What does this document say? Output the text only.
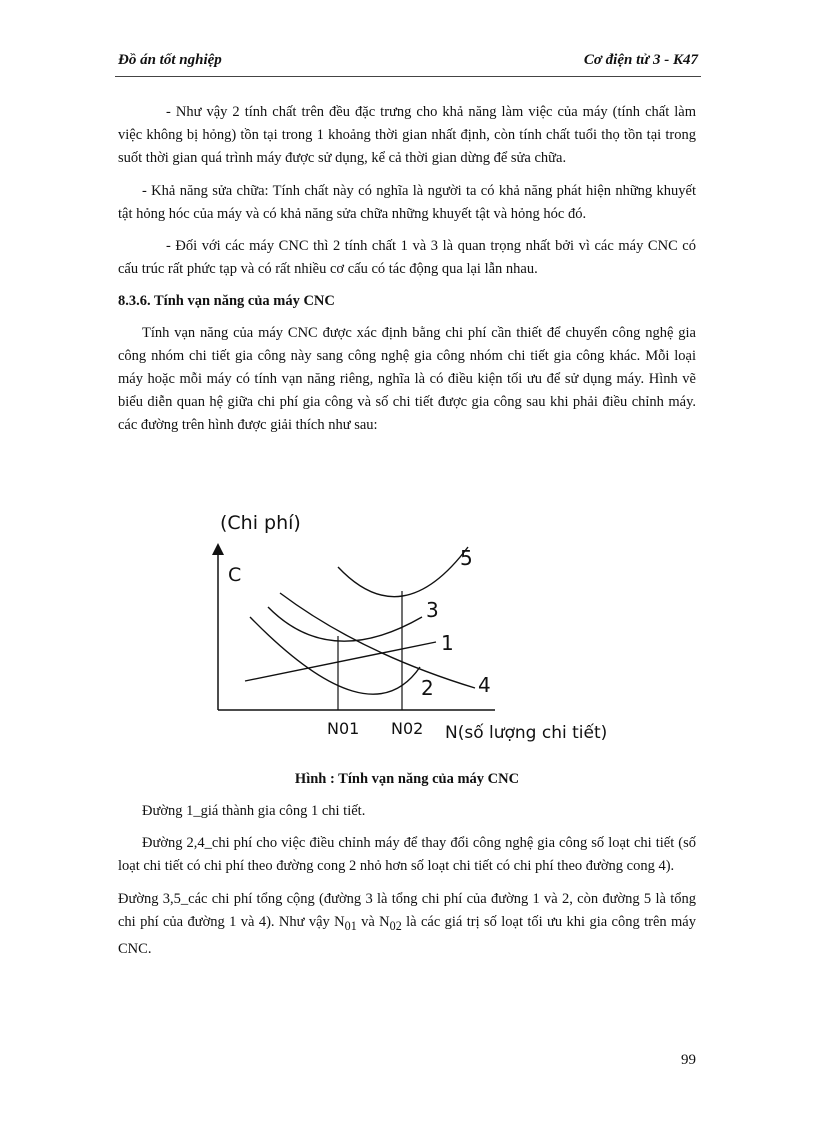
Đồ án tốt nghiệp	Cơ điện tử 3 - K47

- Như vậy 2 tính chất trên đều đặc trưng cho khả năng làm việc của máy (tính chất làm việc không bị hỏng) tồn tại trong 1 khoảng thời gian nhất định, còn tính chất tuổi thọ tồn tại trong suốt thời gian quá trình máy được sử dụng, kể cả thời gian dừng để sửa chữa.

- Khả năng sửa chữa: Tính chất này có nghĩa là người ta có khả năng phát hiện những khuyết tật hỏng hóc của máy và có khả năng sửa chữa những khuyết tật và hỏng hóc đó.

- Đối với các máy CNC thì 2 tính chất 1 và 3 là quan trọng nhất bởi vì các máy CNC có cấu trúc rất phức tạp và có rất nhiều cơ cấu có tác động qua lại lẫn nhau.

8.3.6. Tính vạn năng của máy CNC

Tính vạn năng của máy CNC được xác định bằng chi phí cần thiết để chuyển công nghệ gia công nhóm chi tiết gia công này sang công nghệ gia công nhóm chi tiết gia công khác. Mỗi loại máy hoặc mỗi máy có tính vạn năng riêng, nghĩa là có điều kiện tối ưu để sử dụng máy. Hình vẽ biểu diễn quan hệ giữa chi phí gia công và số chi tiết được gia công sau khi phải điều chỉnh máy. các đường trên hình được giải thích như sau:

(Chi phí)
C
5
3
1
2 4
N01 N02 N(số lượng chi tiết)
Hình : Tính vạn năng của máy CNC

Đường 1_giá thành gia công 1 chi tiết.

Đường 2,4_chi phí cho việc điều chỉnh máy để thay đổi công nghệ gia công số loạt chi tiết (số loạt chi tiết có chi phí theo đường cong 2 nhỏ hơn số loạt chi tiết có chi phí theo đường cong 4).

Đường 3,5_các chi phí tổng cộng (đường 3 là tổng chi phí của đường 1 và 2, còn đường 5 là tổng chi phí của đường 1 và 4). Như vậy $N_{01}$ và $N_{02}$ là các giá trị số loạt tối ưu khi gia công trên máy CNC.

99
